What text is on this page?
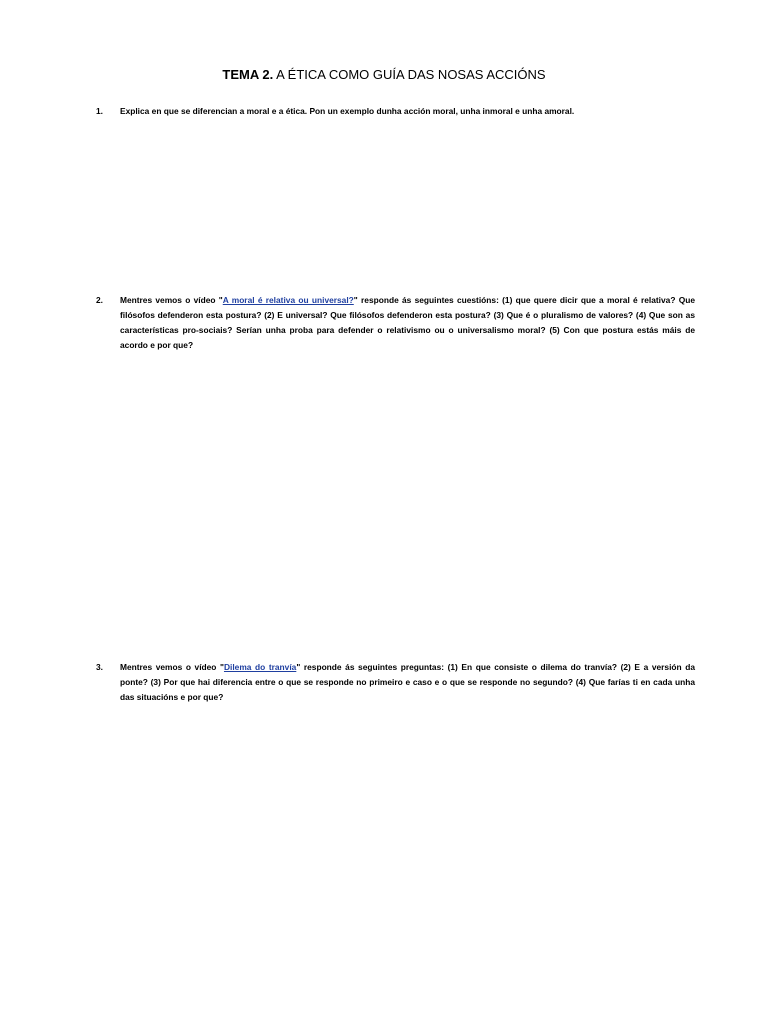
TEMA 2. A ÉTICA COMO GUÍA DAS NOSAS ACCIÓNS
1.	Explica en que se diferencian a moral e a ética. Pon un exemplo dunha acción moral, unha inmoral e unha amoral.
2.	Mentres vemos o vídeo "A moral é relativa ou universal?" responde ás seguintes cuestións: (1) que quere dicir que a moral é relativa? Que filósofos defenderon esta postura? (2) E universal? Que filósofos defenderon esta postura? (3) Que é o pluralismo de valores? (4) Que son as características pro-sociais? Serían unha proba para defender o relativismo ou o universalismo moral? (5) Con que postura estás máis de acordo e por que?
3.	Mentres vemos o vídeo "Dilema do tranvía" responde ás seguintes preguntas: (1) En que consiste o dilema do tranvía? (2) E a versión da ponte? (3) Por que hai diferencia entre o que se responde no primeiro e caso e o que se responde no segundo? (4) Que farías ti en cada unha das situacións e por que?
